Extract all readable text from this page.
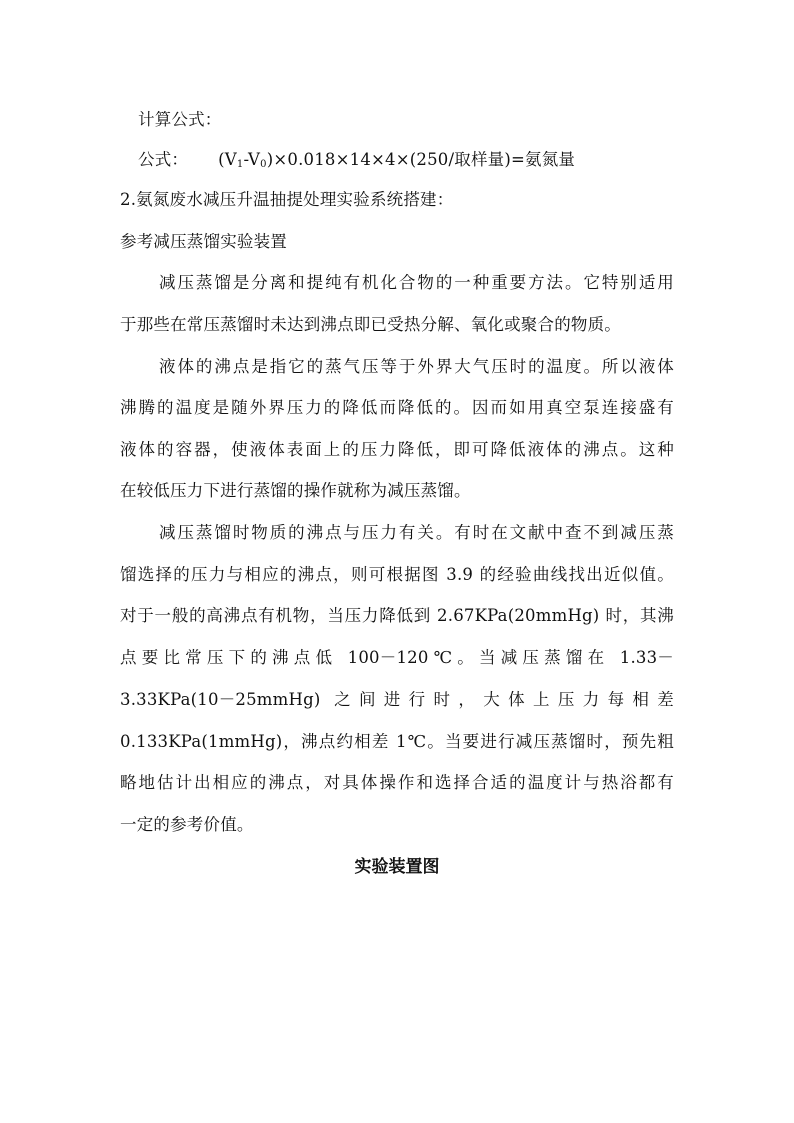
计算公式：
公式： $(V_1-V_0)\times 0.018\times 14\times 4\times(250/$取样量)=氨氮量
2.氨氮废水减压升温抽提处理实验系统搭建：
参考减压蒸馏实验装置
减压蒸馏是分离和提纯有机化合物的一种重要方法。它特别适用
于那些在常压蒸馏时未达到沸点即已受热分解、氧化或聚合的物质。
液体的沸点是指它的蒸气压等于外界大气压时的温度。所以液体
沸腾的温度是随外界压力的降低而降低的。因而如用真空泵连接盛有
液体的容器，使液体表面上的压力降低，即可降低液体的沸点。这种
在较低压力下进行蒸馏的操作就称为减压蒸馏。
减压蒸馏时物质的沸点与压力有关。有时在文献中查不到减压蒸
馏选择的压力与相应的沸点，则可根据图 3.9 的经验曲线找出近似值。
对于一般的高沸点有机物，当压力降低到 2.67KPa(20mmHg) 时，其沸
点要比常压下的沸点低 100－120℃。当减压蒸馏在 1.33－
3.33KPa(10－25mmHg) 之间进行时，大体上压力每相差
0.133KPa(1mmHg)，沸点约相差 1℃。当要进行减压蒸馏时，预先粗
略地估计出相应的沸点，对具体操作和选择合适的温度计与热浴都有
一定的参考价值。
实验装置图
